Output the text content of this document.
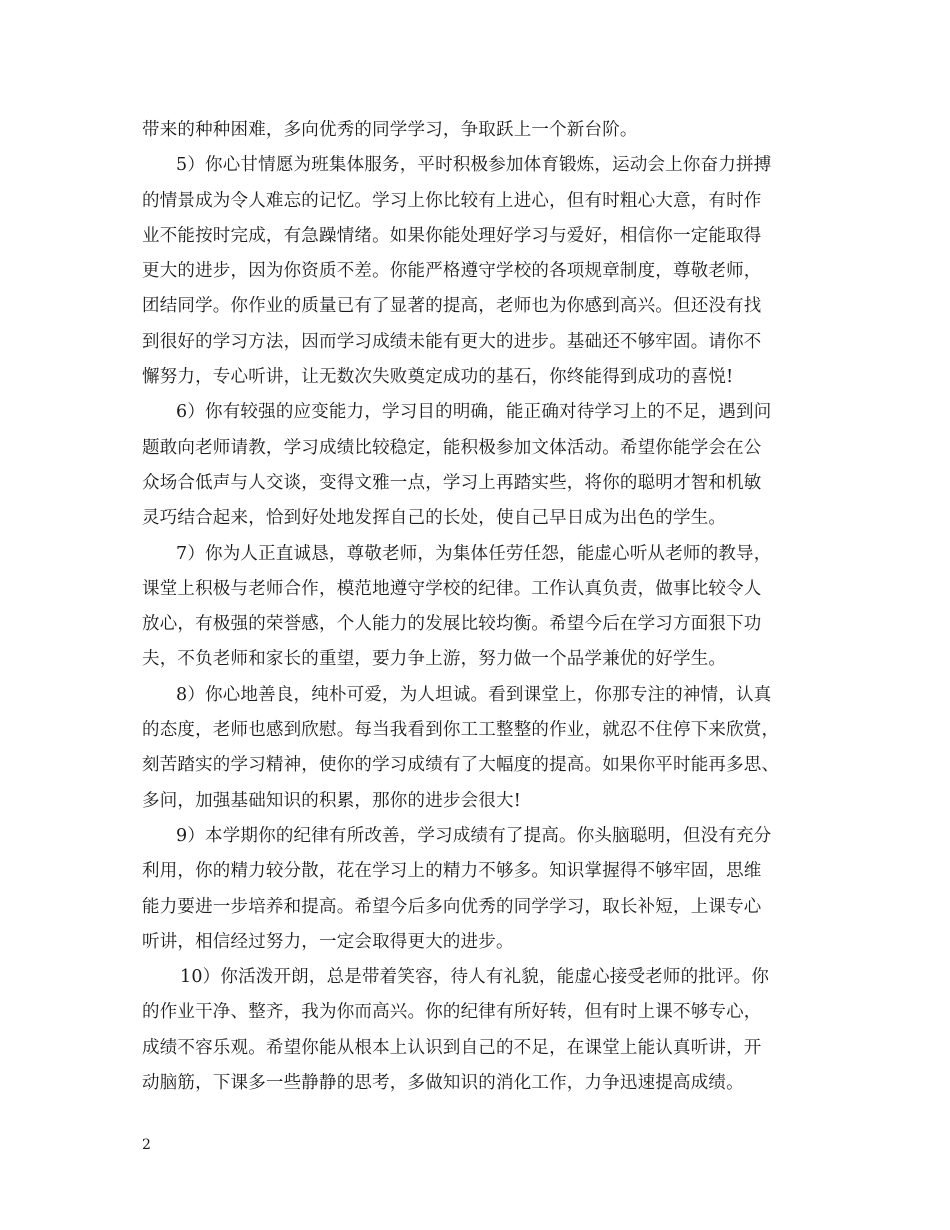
带来的种种困难，多向优秀的同学学习，争取跃上一个新台阶。
5）你心甘情愿为班集体服务，平时积极参加体育锻炼，运动会上你奋力拼搏
的情景成为令人难忘的记忆。学习上你比较有上进心，但有时粗心大意，有时作
业不能按时完成，有急躁情绪。如果你能处理好学习与爱好，相信你一定能取得
更大的进步，因为你资质不差。你能严格遵守学校的各项规章制度，尊敬老师，
团结同学。你作业的质量已有了显著的提高，老师也为你感到高兴。但还没有找
到很好的学习方法，因而学习成绩未能有更大的进步。基础还不够牢固。请你不
懈努力，专心听讲，让无数次失败奠定成功的基石，你终能得到成功的喜悦!
6）你有较强的应变能力，学习目的明确，能正确对待学习上的不足，遇到问
题敢向老师请教，学习成绩比较稳定，能积极参加文体活动。希望你能学会在公
众场合低声与人交谈，变得文雅一点，学习上再踏实些，将你的聪明才智和机敏
灵巧结合起来，恰到好处地发挥自己的长处，使自己早日成为出色的学生。
7）你为人正直诚恳，尊敬老师，为集体任劳任怨，能虚心听从老师的教导，
课堂上积极与老师合作，模范地遵守学校的纪律。工作认真负责，做事比较令人
放心，有极强的荣誉感，个人能力的发展比较均衡。希望今后在学习方面狠下功
夫，不负老师和家长的重望，要力争上游，努力做一个品学兼优的好学生。
8）你心地善良，纯朴可爱，为人坦诚。看到课堂上，你那专注的神情，认真
的态度，老师也感到欣慰。每当我看到你工工整整的作业，就忍不住停下来欣赏，
刻苦踏实的学习精神，使你的学习成绩有了大幅度的提高。如果你平时能再多思、
多问，加强基础知识的积累，那你的进步会很大!
9）本学期你的纪律有所改善，学习成绩有了提高。你头脑聪明，但没有充分
利用，你的精力较分散，花在学习上的精力不够多。知识掌握得不够牢固，思维
能力要进一步培养和提高。希望今后多向优秀的同学学习，取长补短，上课专心
听讲，相信经过努力，一定会取得更大的进步。
10）你活泼开朗，总是带着笑容，待人有礼貌，能虚心接受老师的批评。你
的作业干净、整齐，我为你而高兴。你的纪律有所好转，但有时上课不够专心，
成绩不容乐观。希望你能从根本上认识到自己的不足，在课堂上能认真听讲，开
动脑筋，下课多一些静静的思考，多做知识的消化工作，力争迅速提高成绩。
2
